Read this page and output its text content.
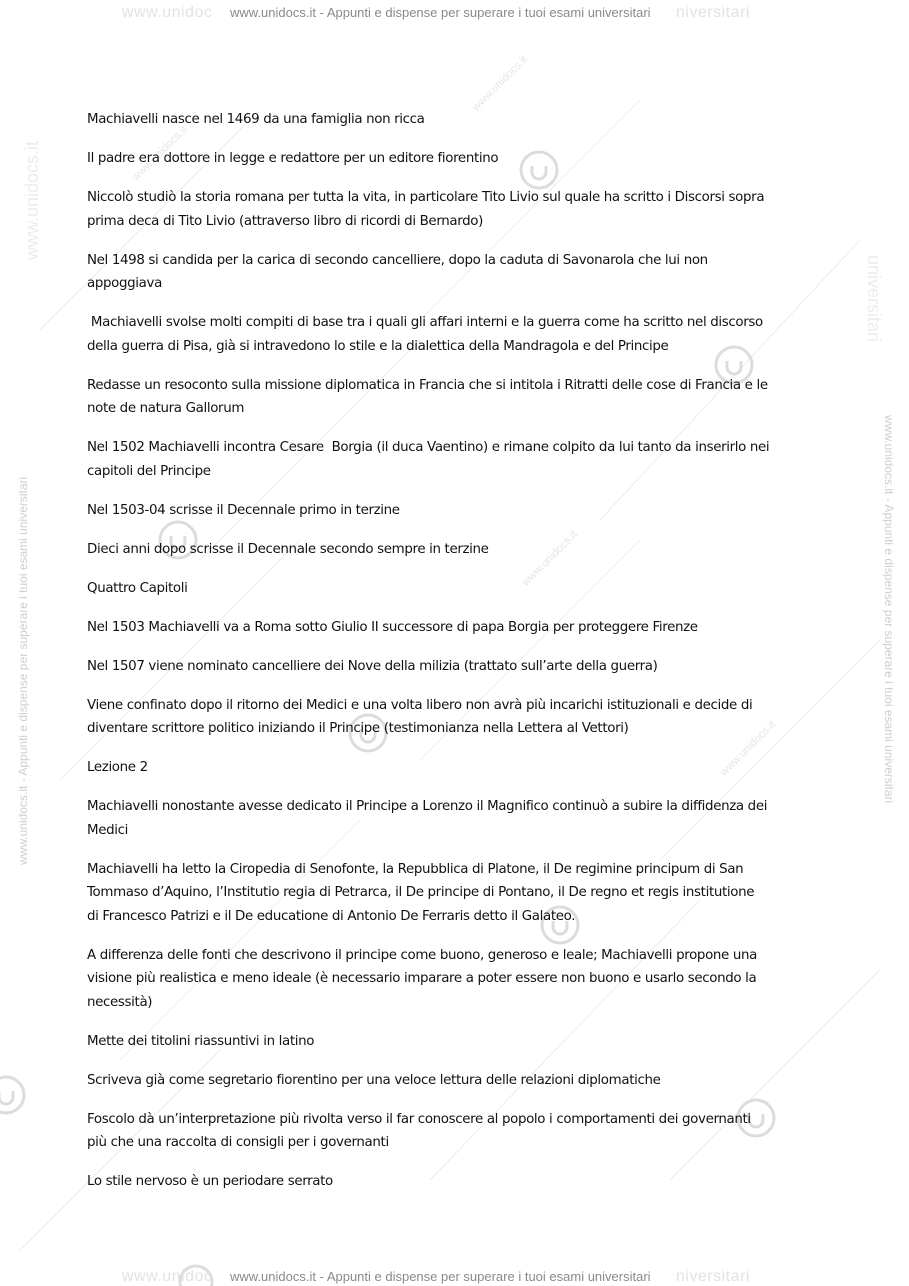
www.unidocs.it
www.unidocs.it
www.unidocs.it
www.unidocs.it
www.unidoc	niversitari
www.unidocs.it - Appunti e dispense per superare i tuoi esami universitari
www.unidoc	niversitari
www.unidocs.it - Appunti e dispense per superare i tuoi esami universitari
www.unidocs.it
www.unidocs.it - Appunti e dispense per superare i tuoi esami universitari
universitari
www.unidocs.it - Appunti e dispense per superare i tuoi esami universitari
Machiavelli nasce nel 1469 da una famiglia non ricca
Il padre era dottore in legge e redattore per un editore fiorentino
Niccolò studiò la storia romana per tutta la vita, in particolare Tito Livio sul quale ha scritto i Discorsi sopra
prima deca di Tito Livio (attraverso libro di ricordi di Bernardo)
Nel 1498 si candida per la carica di secondo cancelliere, dopo la caduta di Savonarola che lui non
appoggiava
Machiavelli svolse molti compiti di base tra i quali gli affari interni e la guerra come ha scritto nel discorso
della guerra di Pisa, già si intravedono lo stile e la dialettica della Mandragola e del Principe
Redasse un resoconto sulla missione diplomatica in Francia che si intitola i Ritratti delle cose di Francia e le
note de natura Gallorum
Nel 1502 Machiavelli incontra Cesare  Borgia (il duca Vaentino) e rimane colpito da lui tanto da inserirlo nei
capitoli del Principe
Nel 1503-04 scrisse il Decennale primo in terzine
Dieci anni dopo scrisse il Decennale secondo sempre in terzine
Quattro Capitoli
Nel 1503 Machiavelli va a Roma sotto Giulio II successore di papa Borgia per proteggere Firenze
Nel 1507 viene nominato cancelliere dei Nove della milizia (trattato sull’arte della guerra)
Viene confinato dopo il ritorno dei Medici e una volta libero non avrà più incarichi istituzionali e decide di
diventare scrittore politico iniziando il Principe (testimonianza nella Lettera al Vettori)
Lezione 2
Machiavelli nonostante avesse dedicato il Principe a Lorenzo il Magnifico continuò a subire la diffidenza dei
Medici
Machiavelli ha letto la Ciropedia di Senofonte, la Repubblica di Platone, il De regimine principum di San
Tommaso d’Aquino, l’Institutio regia di Petrarca, il De principe di Pontano, il De regno et regis institutione
di Francesco Patrizi e il De educatione di Antonio De Ferraris detto il Galateo.
A differenza delle fonti che descrivono il principe come buono, generoso e leale; Machiavelli propone una
visione più realistica e meno ideale (è necessario imparare a poter essere non buono e usarlo secondo la
necessità)
Mette dei titolini riassuntivi in latino
Scriveva già come segretario fiorentino per una veloce lettura delle relazioni diplomatiche
Foscolo dà un’interpretazione più rivolta verso il far conoscere al popolo i comportamenti dei governanti
più che una raccolta di consigli per i governanti
Lo stile nervoso è un periodare serrato
